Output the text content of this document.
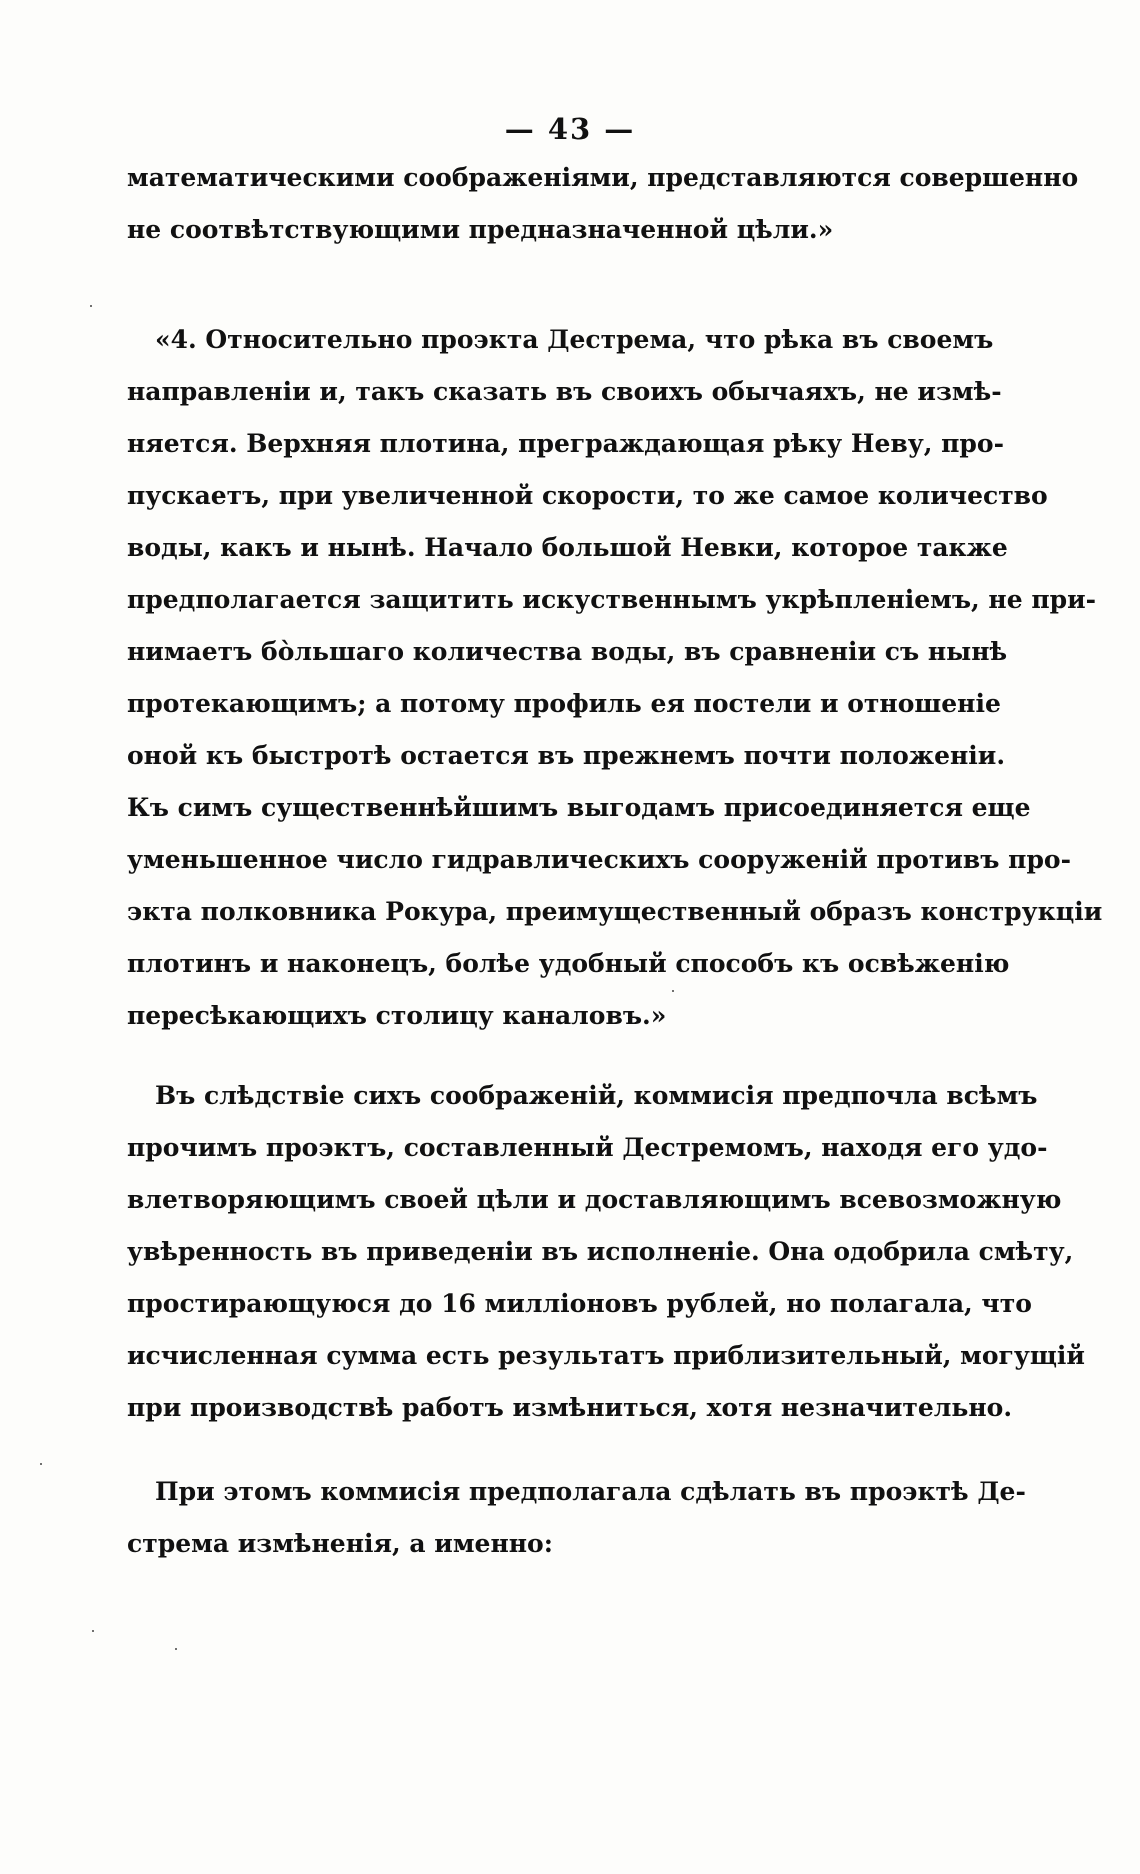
— 43 —
математическими соображеніями, представляются совершенно
не соотвѣтствующими предназначенной цѣли.»
«4. Относительно проэкта Дестрема, что рѣка въ своемъ
направленіи и, такъ сказать въ своихъ обычаяхъ, не измѣ-
няется. Верхняя плотина, преграждающая рѣку Неву, про-
пускаетъ, при увеличенной скорости, то же самое количество
воды, какъ и нынѣ. Начало большой Невки, которое также
предполагается защитить искуственнымъ укрѣпленіемъ, не при-
нимаетъ бо̀льшаго количества воды, въ сравненіи съ нынѣ
протекающимъ; а потому профиль ея постели и отношеніе
оной къ быстротѣ остается въ прежнемъ почти положеніи.
Къ симъ существеннѣйшимъ выгодамъ присоединяется еще
уменьшенное число гидравлическихъ сооруженій противъ про-
экта полковника Рокура, преимущественный образъ конструкціи
плотинъ и наконецъ, болѣе удобный способъ къ освѣженію
пересѣкающихъ столицу каналовъ.»
Въ слѣдствіе сихъ соображеній, коммисія предпочла всѣмъ
прочимъ проэктъ, составленный Дестремомъ, находя его удо-
влетворяющимъ своей цѣли и доставляющимъ всевозможную
увѣренность въ приведеніи въ исполненіе. Она одобрила смѣту,
простирающуюся до 16 милліоновъ рублей, но полагала, что
исчисленная сумма есть результатъ приблизительный, могущій
при производствѣ работъ измѣниться, хотя незначительно.
При этомъ коммисія предполагала сдѣлать въ проэктѣ Де-
стрема измѣненія, а именно:
